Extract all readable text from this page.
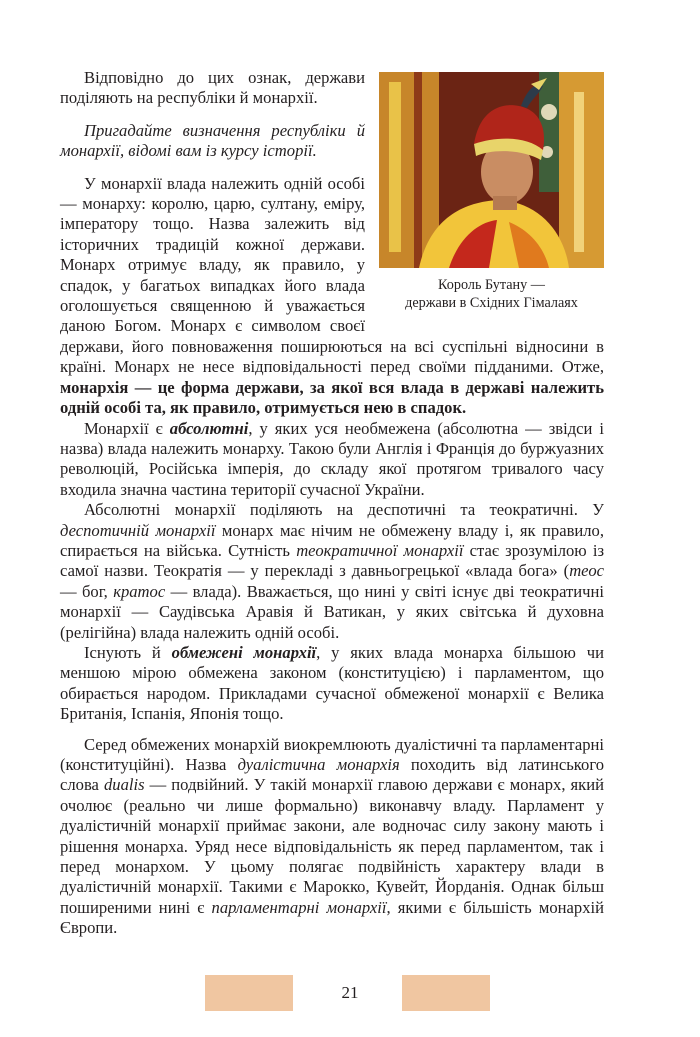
Король Бутану —
держави в Східних Гімалаях

Відповідно до цих ознак, держави поділяють на республіки й монархії.

Пригадайте визначення республіки й монархії, відомі вам із курсу історії.

У монархії влада належить одній особі — монарху: королю, царю, султану, еміру, імператору тощо. Назва залежить від історичних традицій кожної держави. Монарх отримує владу, як правило, у спадок, у багатьох випадках його влада оголошується священною й уважається даною Богом. Монарх є символом своєї держави, його повноваження поширюються на всі суспільні відносини в країні. Монарх не несе відповідальності перед своїми підданими. Отже, монархія — це форма держави, за якої вся влада в державі належить одній особі та, як правило, отримується нею в спадок.

Монархії є абсолютні, у яких уся необмежена (абсолютна — звідси і назва) влада належить монарху. Такою були Англія і Франція до буржуазних революцій, Російська імперія, до складу якої протягом тривалого часу входила значна частина території сучасної України.

Абсолютні монархії поділяють на деспотичні та теократичні. У деспотичній монархії монарх має нічим не обмежену владу і, як правило, спирається на війська. Сутність теократичної монархії стає зрозумілою із самої назви. Теократія — у перекладі з давньогрецької «влада бога» (теос — бог, кратос — влада). Вважається, що нині у світі існує дві теократичні монархії — Саудівська Аравія й Ватикан, у яких світська й духовна (релігійна) влада належить одній особі.

Існують й обмежені монархії, у яких влада монарха більшою чи меншою мірою обмежена законом (конституцією) і парламентом, що обирається народом. Прикладами сучасної обмеженої монархії є Велика Британія, Іспанія, Японія тощо.

Серед обмежених монархій виокремлюють дуалістичні та парламентарні (конституційні). Назва дуалістична монархія походить від латинського слова dualis — подвійний. У такій монархії главою держави є монарх, який очолює (реально чи лише формально) виконавчу владу. Парламент у дуалістичній монархії приймає закони, але водночас силу закону мають і рішення монарха. Уряд несе відповідальність як перед парламентом, так і перед монархом. У цьому полягає подвійність характеру влади в дуалістичній монархії. Такими є Марокко, Кувейт, Йорданія. Однак більш поширеними нині є парламентарні монархії, якими є більшість монархій Європи.

21
